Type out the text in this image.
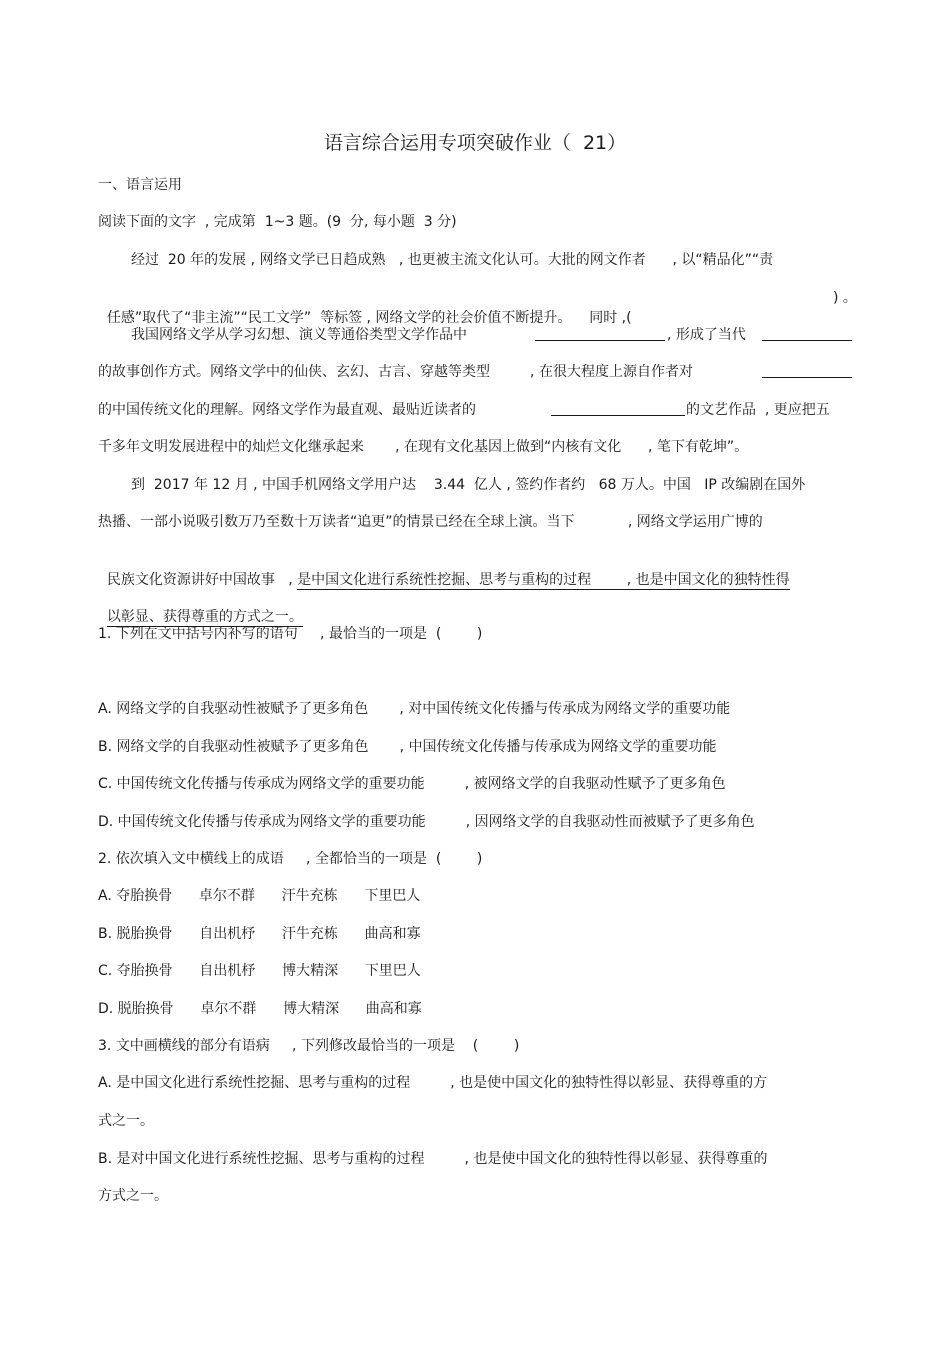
语言综合运用专项突破作业（  21）
一、语言运用
阅读下面的文字  , 完成第  1~3 题。(9  分, 每小题  3 分)
经过  20 年的发展 , 网络文学已日趋成熟   , 也更被主流文化认可。大批的网文作者      , 以“精品化”“责

任感”取代了“非主流”“民工文学”  等标签 , 网络文学的社会价值不断提升。    同时 ,(

) 。
我国网络文学从学习幻想、演义等通俗类型文学作品中	, 形成了当代
的故事创作方式。网络文学中的仙侠、玄幻、古言、穿越等类型         , 在很大程度上源自作者对
的中国传统文化的理解。网络文学作为最直观、最贴近读者的	的文艺作品  , 更应把五
千多年文明发展进程中的灿烂文化继承起来       , 在现有文化基因上做到“内核有文化      , 笔下有乾坤”。
到  2017 年 12 月 , 中国手机网络文学用户达    3.44  亿人 , 签约作者约   68 万人。中国   IP 改编剧在国外
热播、一部小说吸引数万乃至数十万读者“追更”的情景已经在全球上演。当下            , 网络文学运用广博的

民族文化资源讲好中国故事   , 是中国文化进行系统性挖掘、思考与重构的过程        , 也是中国文化的独特性得

以彰显、获得尊重的方式之一。

1. 下列在文中括号内补写的语句     , 最恰当的一项是  (        )
A. 网络文学的自我驱动性被赋予了更多角色       , 对中国传统文化传播与传承成为网络文学的重要功能
B. 网络文学的自我驱动性被赋予了更多角色       , 中国传统文化传播与传承成为网络文学的重要功能
C. 中国传统文化传播与传承成为网络文学的重要功能         , 被网络文学的自我驱动性赋予了更多角色
D. 中国传统文化传播与传承成为网络文学的重要功能         , 因网络文学的自我驱动性而被赋予了更多角色
2. 依次填入文中横线上的成语     , 全都恰当的一项是  (        )
A. 夺胎换骨      卓尔不群      汗牛充栋      下里巴人
B. 脱胎换骨      自出机杼      汗牛充栋      曲高和寡
C. 夺胎换骨      自出机杼      博大精深      下里巴人
D. 脱胎换骨      卓尔不群      博大精深      曲高和寡
3. 文中画横线的部分有语病     , 下列修改最恰当的一项是    (        )
A. 是中国文化进行系统性挖掘、思考与重构的过程         , 也是使中国文化的独特性得以彰显、获得尊重的方
式之一。
B. 是对中国文化进行系统性挖掘、思考与重构的过程         , 也是使中国文化的独特性得以彰显、获得尊重的
方式之一。
